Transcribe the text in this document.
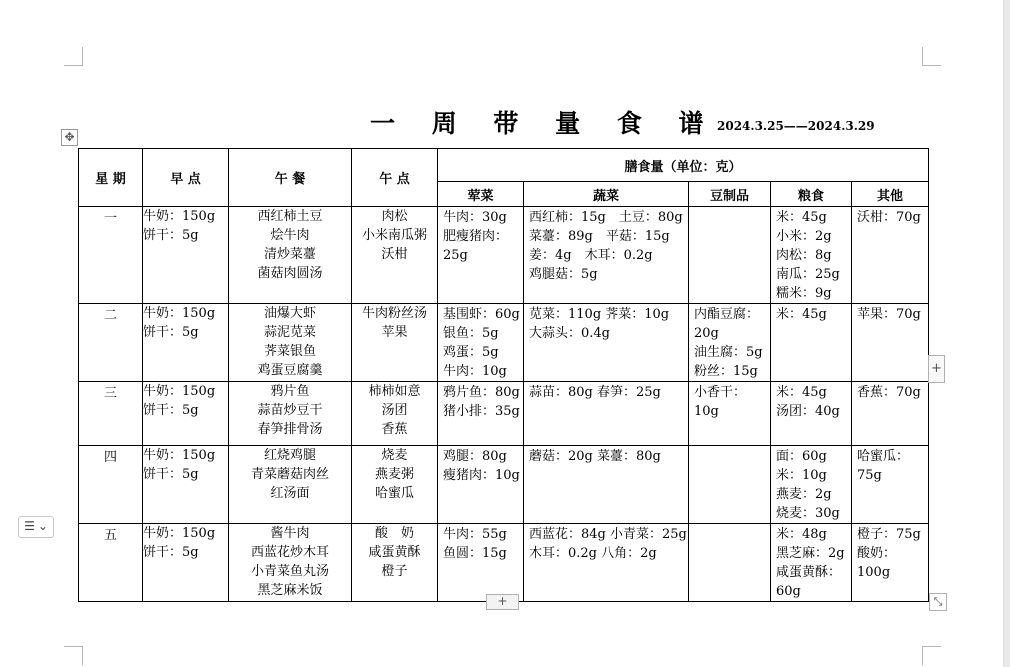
一 周 带 量 食 谱 2024.3.25——2024.3.29
✥
星 期	早 点	午 餐	午 点	膳食量（单位：克）				
				荤菜	蔬菜	豆制品	粮食	其他
一	牛奶：150g
饼干：5g	西红柿土豆
烩牛肉
清炒菜薹
菌菇肉圆汤	肉松
小米南瓜粥
沃柑	牛肉：30g
肥瘦猪肉：
25g	西红柿：15g　土豆：80g
菜薹：89g　平菇：15g
姜：4g　木耳：0.2g
鸡腿菇：5g		米：45g
小米：2g
肉松：8g
南瓜：25g
糯米：9g	沃柑：70g

二	牛奶：150g
饼干：5g	油爆大虾
蒜泥苋菜
荠菜银鱼
鸡蛋豆腐羹	牛肉粉丝汤
苹果	基围虾：60g
银鱼：5g
鸡蛋：5g
牛肉：10g	苋菜：110g 荠菜：10g
大蒜头：0.4g	内酯豆腐：
20g
油生腐：5g
粉丝：15g	米：45g	苹果：70g

三	牛奶：150g
饼干：5g	鸦片鱼
蒜苗炒豆干
春笋排骨汤	柿柿如意
汤团
香蕉	鸦片鱼：80g
猪小排：35g	蒜苗：80g 春笋：25g	小香干：
10g	米：45g
汤团：40g	香蕉：70g

四	牛奶：150g
饼干：5g	红烧鸡腿
青菜蘑菇肉丝
红汤面	烧麦
燕麦粥
哈蜜瓜	鸡腿：80g
瘦猪肉：10g	蘑菇：20g 菜薹：80g		面：60g
米：10g
燕麦：2g
烧麦：30g	哈蜜瓜：
75g

五	牛奶：150g
饼干：5g	酱牛肉
西蓝花炒木耳
小青菜鱼丸汤
黑芝麻米饭	酸　奶
咸蛋黄酥
橙子	牛肉：55g
鱼圆：15g	西蓝花：84g 小青菜：25g
木耳：0.2g 八角：2g		米：48g
黑芝麻：2g
咸蛋黄酥：
60g	橙子：75g
酸奶：
100g
+
+
⤡
☰ ⌄
